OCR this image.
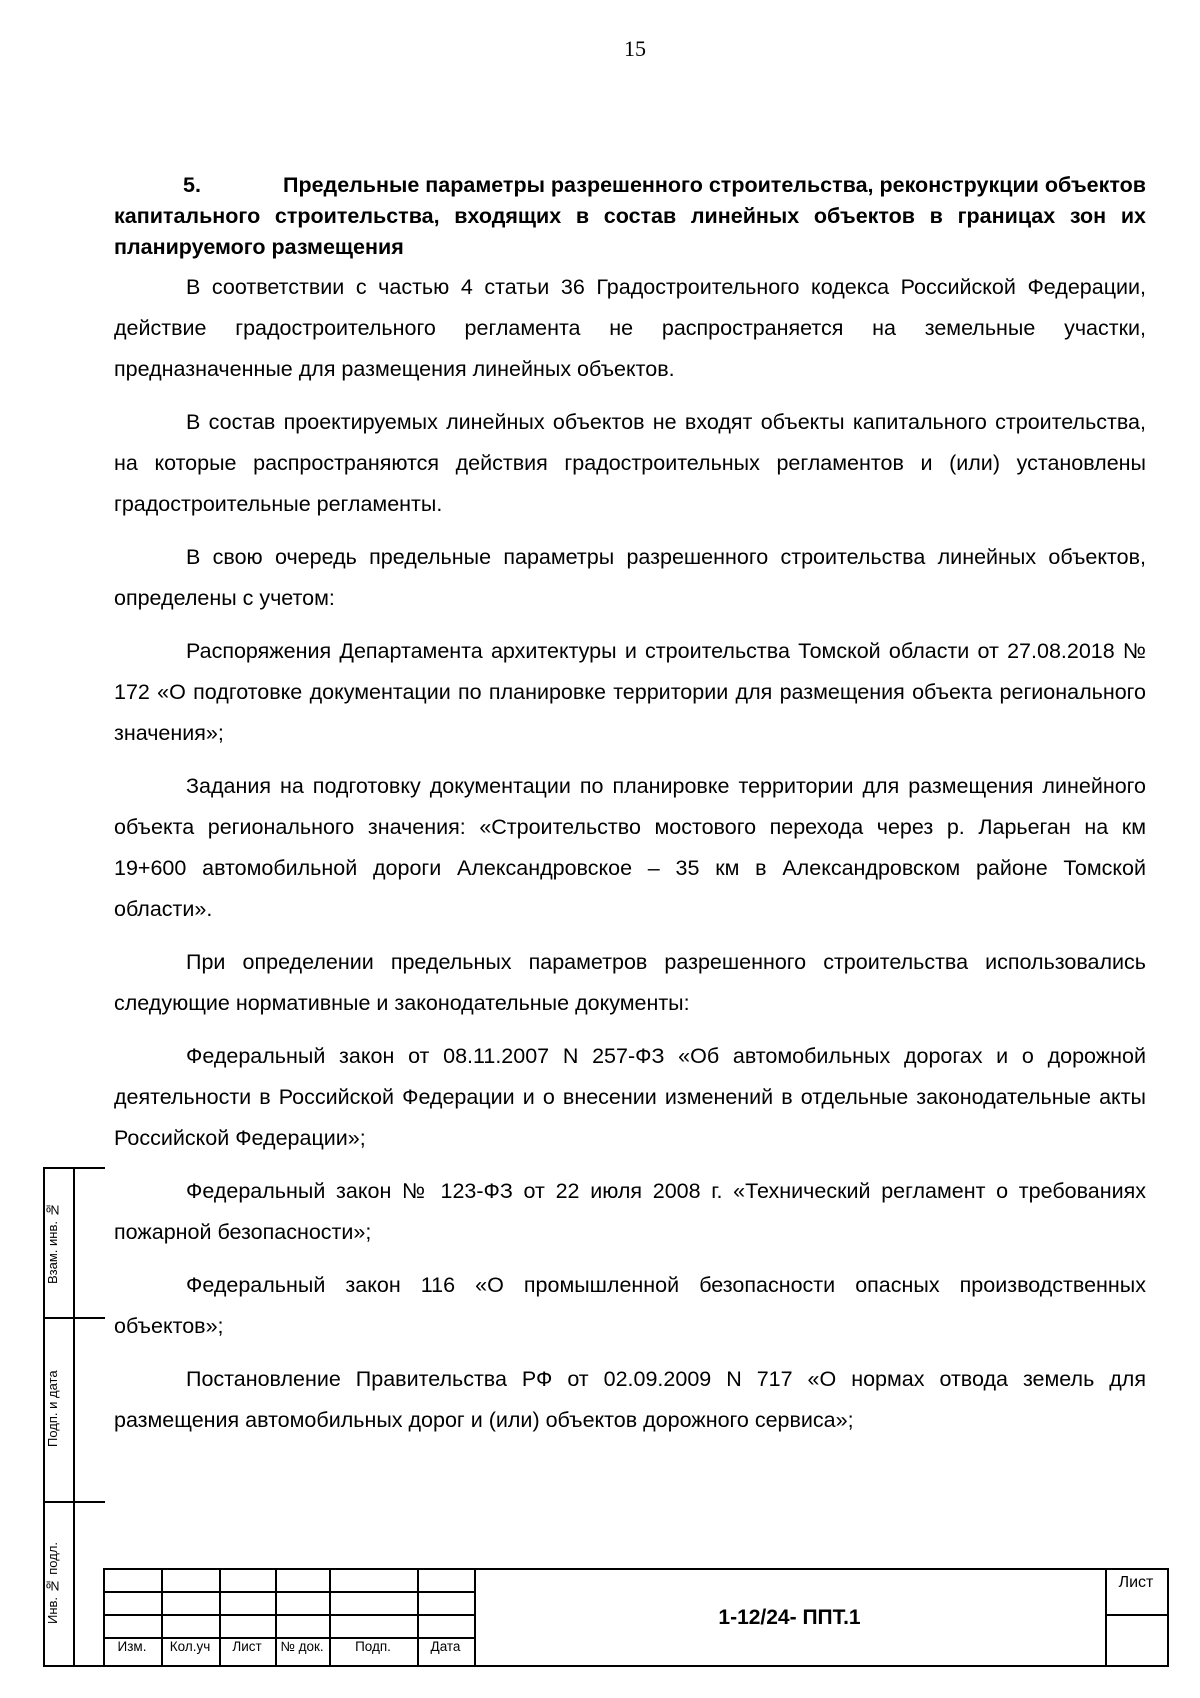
15

5.	Предельные параметры разрешенного строительства, реконструкции объектов капитального строительства, входящих в состав линейных объектов в границах зон их планируемого размещения

В соответствии с частью 4 статьи 36 Градостроительного кодекса Российской Федерации, действие градостроительного регламента не распространяется на земельные участки, предназначенные для размещения линейных объектов.

В состав проектируемых линейных объектов не входят объекты капитального строительства, на которые распространяются действия градостроительных регламентов и (или) установлены градостроительные регламенты.

В свою очередь предельные параметры разрешенного строительства линейных объектов, определены с учетом:

Распоряжения Департамента архитектуры и строительства Томской области от 27.08.2018 № 172 «О подготовке документации по планировке территории для размещения объекта регионального значения»;

Задания на подготовку документации по планировке территории для размещения линейного объекта регионального значения: «Строительство мостового перехода через р. Ларьеган на км 19+600 автомобильной дороги Александровское – 35 км в Александровском районе Томской области».

При определении предельных параметров разрешенного строительства использовались следующие нормативные и законодательные документы:

Федеральный закон от 08.11.2007 N 257-ФЗ «Об автомобильных дорогах и о дорожной деятельности в Российской Федерации и о внесении изменений в отдельные законодательные акты Российской Федерации»;

Федеральный закон № 123-ФЗ от 22 июля 2008 г. «Технический регламент о требованиях пожарной безопасности»;

Федеральный закон 116 «О промышленной безопасности опасных производственных объектов»;

Постановление Правительства РФ от 02.09.2009 N 717 «О нормах отвода земель для размещения автомобильных дорог и (или) объектов дорожного сервиса»;

Взам. инв. №
Подп. и дата
Инв. № подл.
Изм.	Кол.уч	Лист	№ док.	Подп.	Дата
1-12/24- ППТ.1
Лист
